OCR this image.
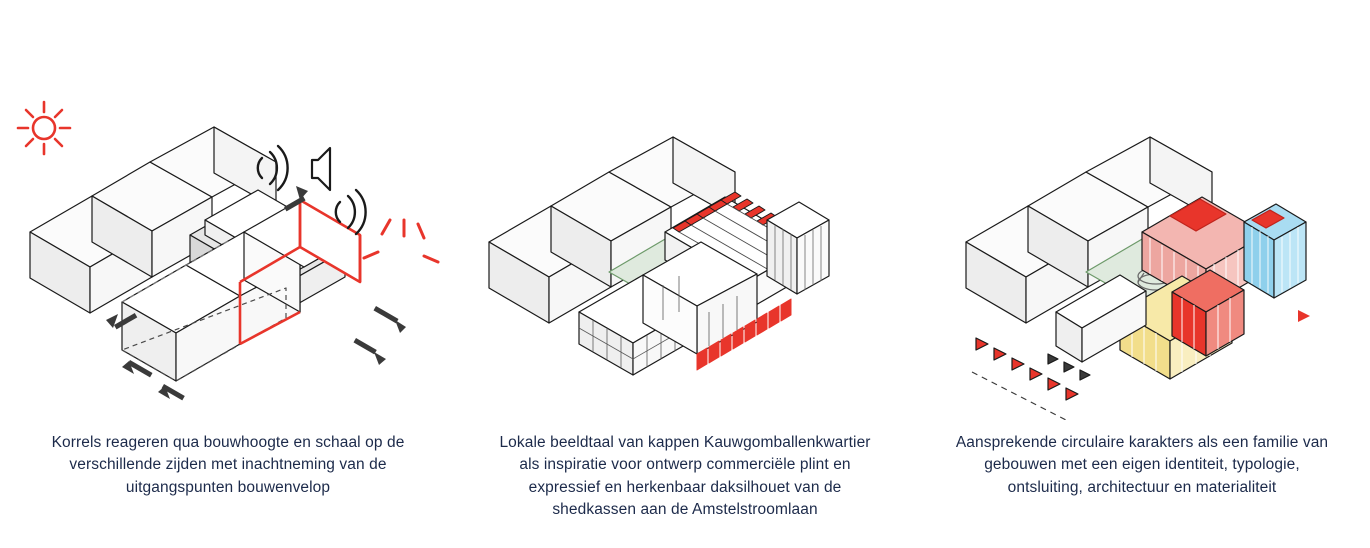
Korrels reageren qua bouwhoogte en schaal op de
verschillende zijden met inachtneming van de
uitgangspunten bouwenvelop
Lokale beeldtaal van kappen Kauwgomballenkwartier
als inspiratie voor ontwerp commerciële plint en
expressief en herkenbaar daksilhouet van de
shedkassen aan de Amstelstroomlaan
Aansprekende circulaire karakters als een familie van
gebouwen met een eigen identiteit, typologie,
ontsluiting, architectuur en materialiteit
